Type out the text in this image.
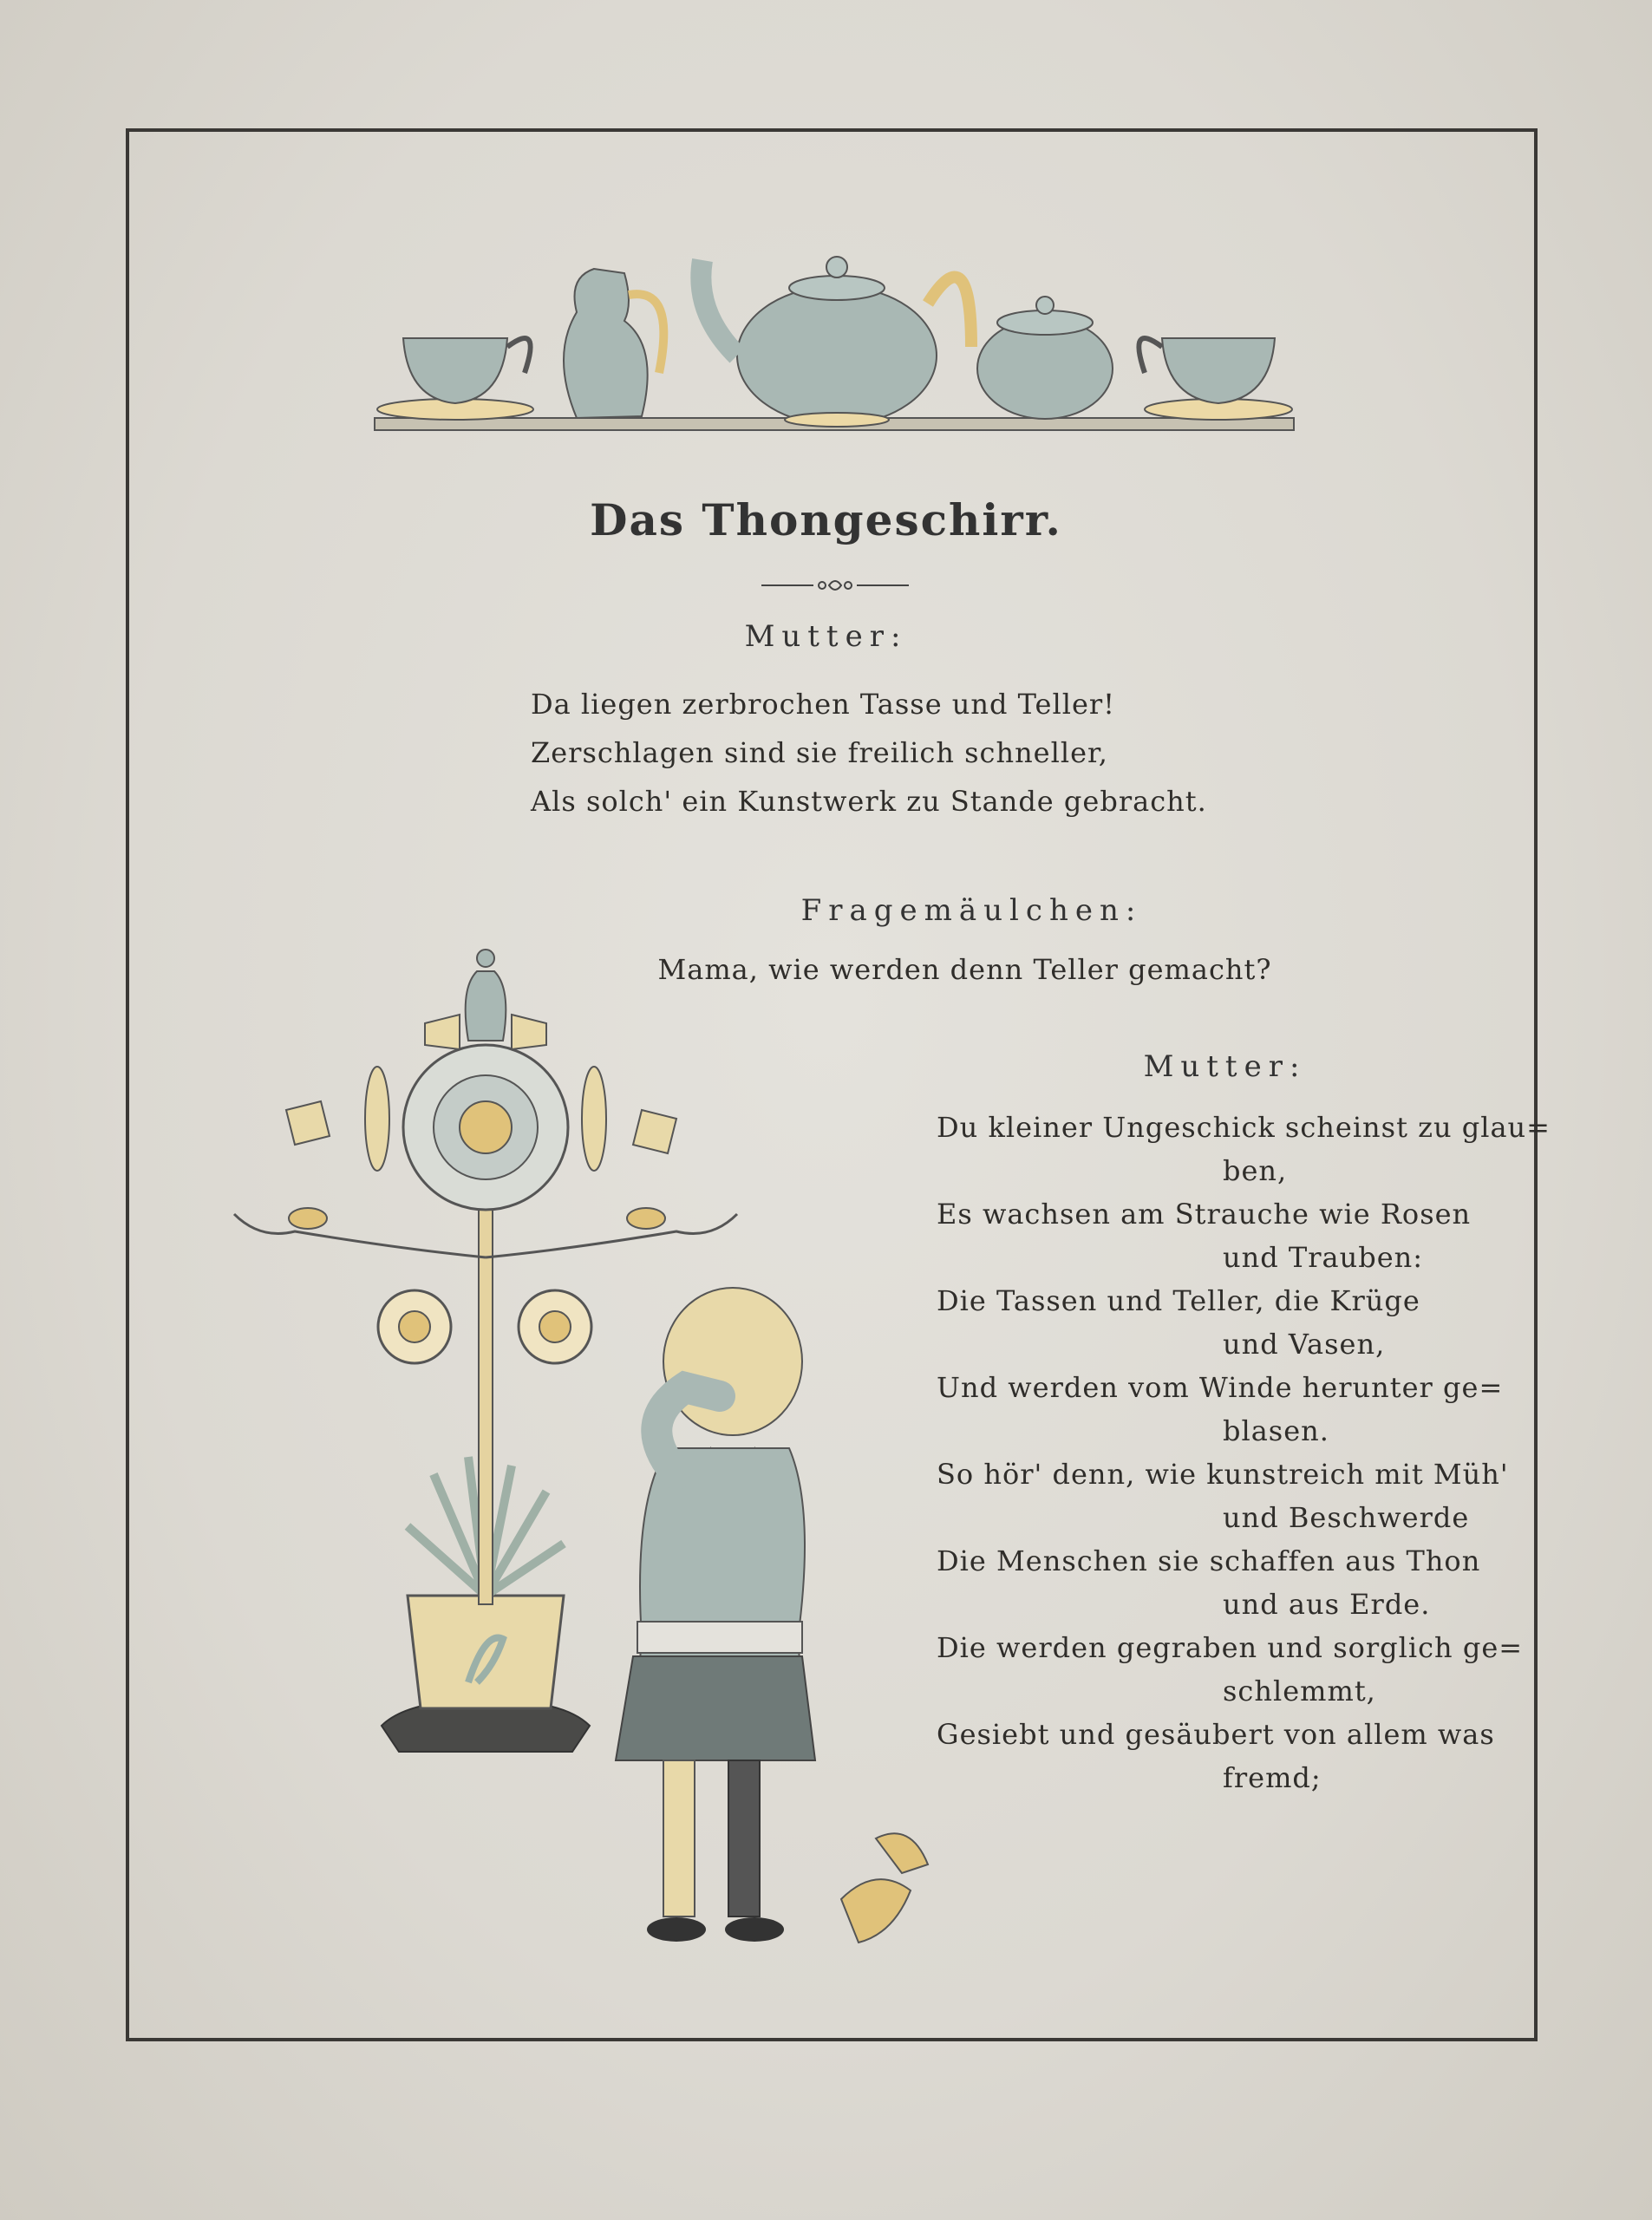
Das Thongeschirr.
Mutter:
Da liegen zerbrochen Tasse und Teller!
Zerschlagen sind sie freilich schneller,
Als solch' ein Kunstwerk zu Stande gebracht.
Fragemäulchen:
Mama, wie werden denn Teller gemacht?
Mutter:
Du kleiner Ungeschick scheinst zu glau=
ben,
Es wachsen am Strauche wie Rosen
und Trauben:
Die Tassen und Teller, die Krüge
und Vasen,
Und werden vom Winde herunter ge=
blasen.
So hör' denn, wie kunstreich mit Müh'
und Beschwerde
Die Menschen sie schaffen aus Thon
und aus Erde.
Die werden gegraben und sorglich ge=
schlemmt,
Gesiebt und gesäubert von allem was
fremd;
